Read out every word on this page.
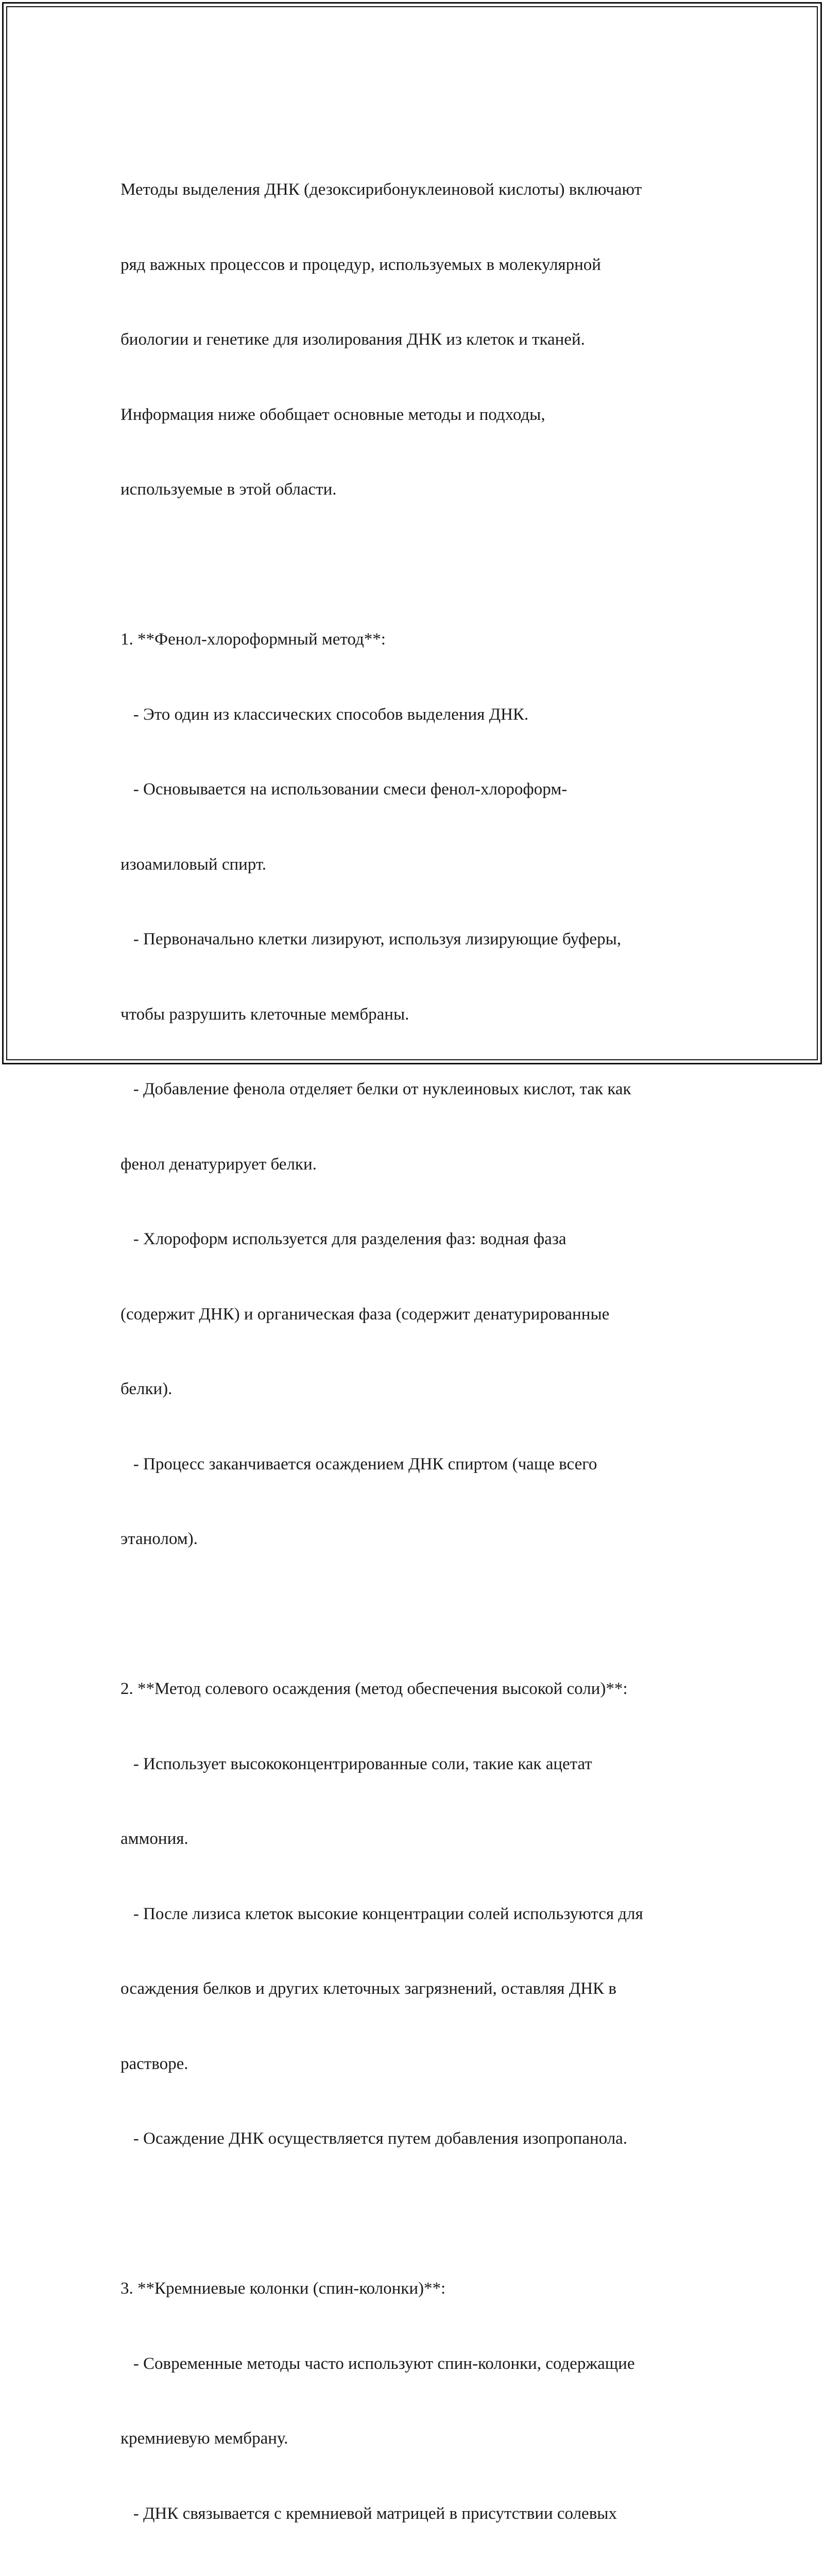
Методы выделения ДНК (дезоксирибонуклеиновой кислоты) включают

ряд важных процессов и процедур, используемых в молекулярной

биологии и генетике для изолирования ДНК из клеток и тканей.

Информация ниже обобщает основные методы и подходы,

используемые в этой области.

1. **Фенол-хлороформный метод**:

- Это один из классических способов выделения ДНК.

- Основывается на использовании смеси фенол-хлороформ-

изоамиловый спирт.

- Первоначально клетки лизируют, используя лизирующие буферы,

чтобы разрушить клеточные мембраны.

- Добавление фенола отделяет белки от нуклеиновых кислот, так как

фенол денатурирует белки.

- Хлороформ используется для разделения фаз: водная фаза

(содержит ДНК) и органическая фаза (содержит денатурированные

белки).

- Процесс заканчивается осаждением ДНК спиртом (чаще всего

этанолом).

2. **Метод солевого осаждения (метод обеспечения высокой соли)**:

- Использует высококонцентрированные соли, такие как ацетат

аммония.

- После лизиса клеток высокие концентрации солей используются для

осаждения белков и других клеточных загрязнений, оставляя ДНК в

растворе.

- Осаждение ДНК осуществляется путем добавления изопропанола.

3. **Кремниевые колонки (спин-колонки)**:

- Современные методы часто используют спин-колонки, содержащие

кремниевую мембрану.

- ДНК связывается с кремниевой матрицей в присутствии солевых
